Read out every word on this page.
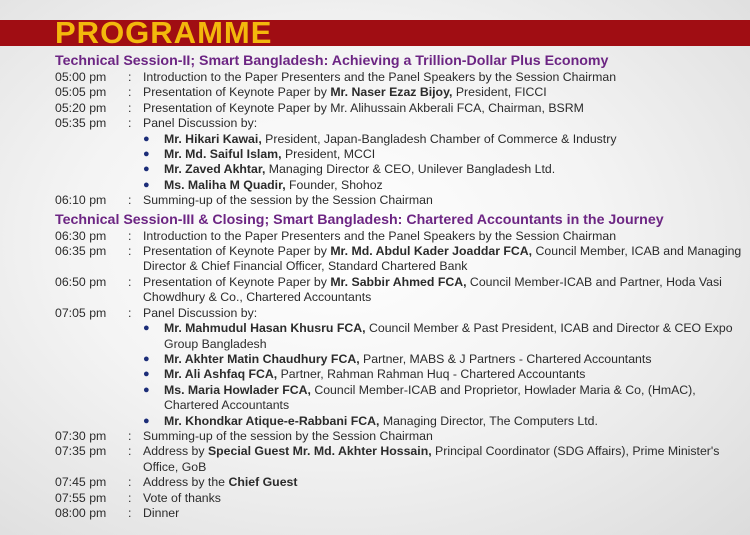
PROGRAMME
Technical Session-II; Smart Bangladesh: Achieving a Trillion-Dollar Plus Economy
05:00 pm	: Introduction to the Paper Presenters and the Panel Speakers by the Session Chairman
05:05 pm	: Presentation of Keynote Paper by Mr. Naser Ezaz Bijoy, President, FICCI
05:20 pm	: Presentation of Keynote Paper by Mr. Alihussain Akberali FCA, Chairman, BSRM
05:35 pm	: Panel Discussion by:
●
Mr. Hikari Kawai, President, Japan-Bangladesh Chamber of Commerce & Industry
●
Mr. Md. Saiful Islam, President, MCCI
●
Mr. Zaved Akhtar, Managing Director & CEO, Unilever Bangladesh Ltd.
●
Ms. Maliha M Quadir, Founder, Shohoz
06:10 pm	: Summing-up of the session by the Session Chairman
Technical Session-III & Closing; Smart Bangladesh: Chartered Accountants in the Journey
06:30 pm	: Introduction to the Paper Presenters and the Panel Speakers by the Session Chairman
06:35 pm	: Presentation of Keynote Paper by Mr. Md. Abdul Kader Joaddar FCA, Council Member, ICAB and Managing Director & Chief Financial Officer, Standard Chartered Bank
06:50 pm	: Presentation of Keynote Paper by Mr. Sabbir Ahmed FCA, Council Member-ICAB and Partner, Hoda Vasi Chowdhury & Co., Chartered Accountants
07:05 pm	: Panel Discussion by:
●
Mr. Mahmudul Hasan Khusru FCA, Council Member & Past President, ICAB and Director & CEO Expo Group Bangladesh
●
Mr. Akhter Matin Chaudhury FCA, Partner, MABS & J Partners - Chartered Accountants
●
Mr. Ali Ashfaq FCA, Partner, Rahman Rahman Huq - Chartered Accountants
●
Ms. Maria Howlader FCA, Council Member-ICAB and Proprietor, Howlader Maria & Co, (HmAC), Chartered Accountants
●
Mr. Khondkar Atique-e-Rabbani FCA, Managing Director, The Computers Ltd.
07:30 pm	: Summing-up of the session by the Session Chairman
07:35 pm	: Address by Special Guest Mr. Md. Akhter Hossain, Principal Coordinator (SDG Affairs), Prime Minister's Office, GoB
07:45 pm	: Address by the Chief Guest
07:55 pm	: Vote of thanks
08:00 pm	: Dinner
